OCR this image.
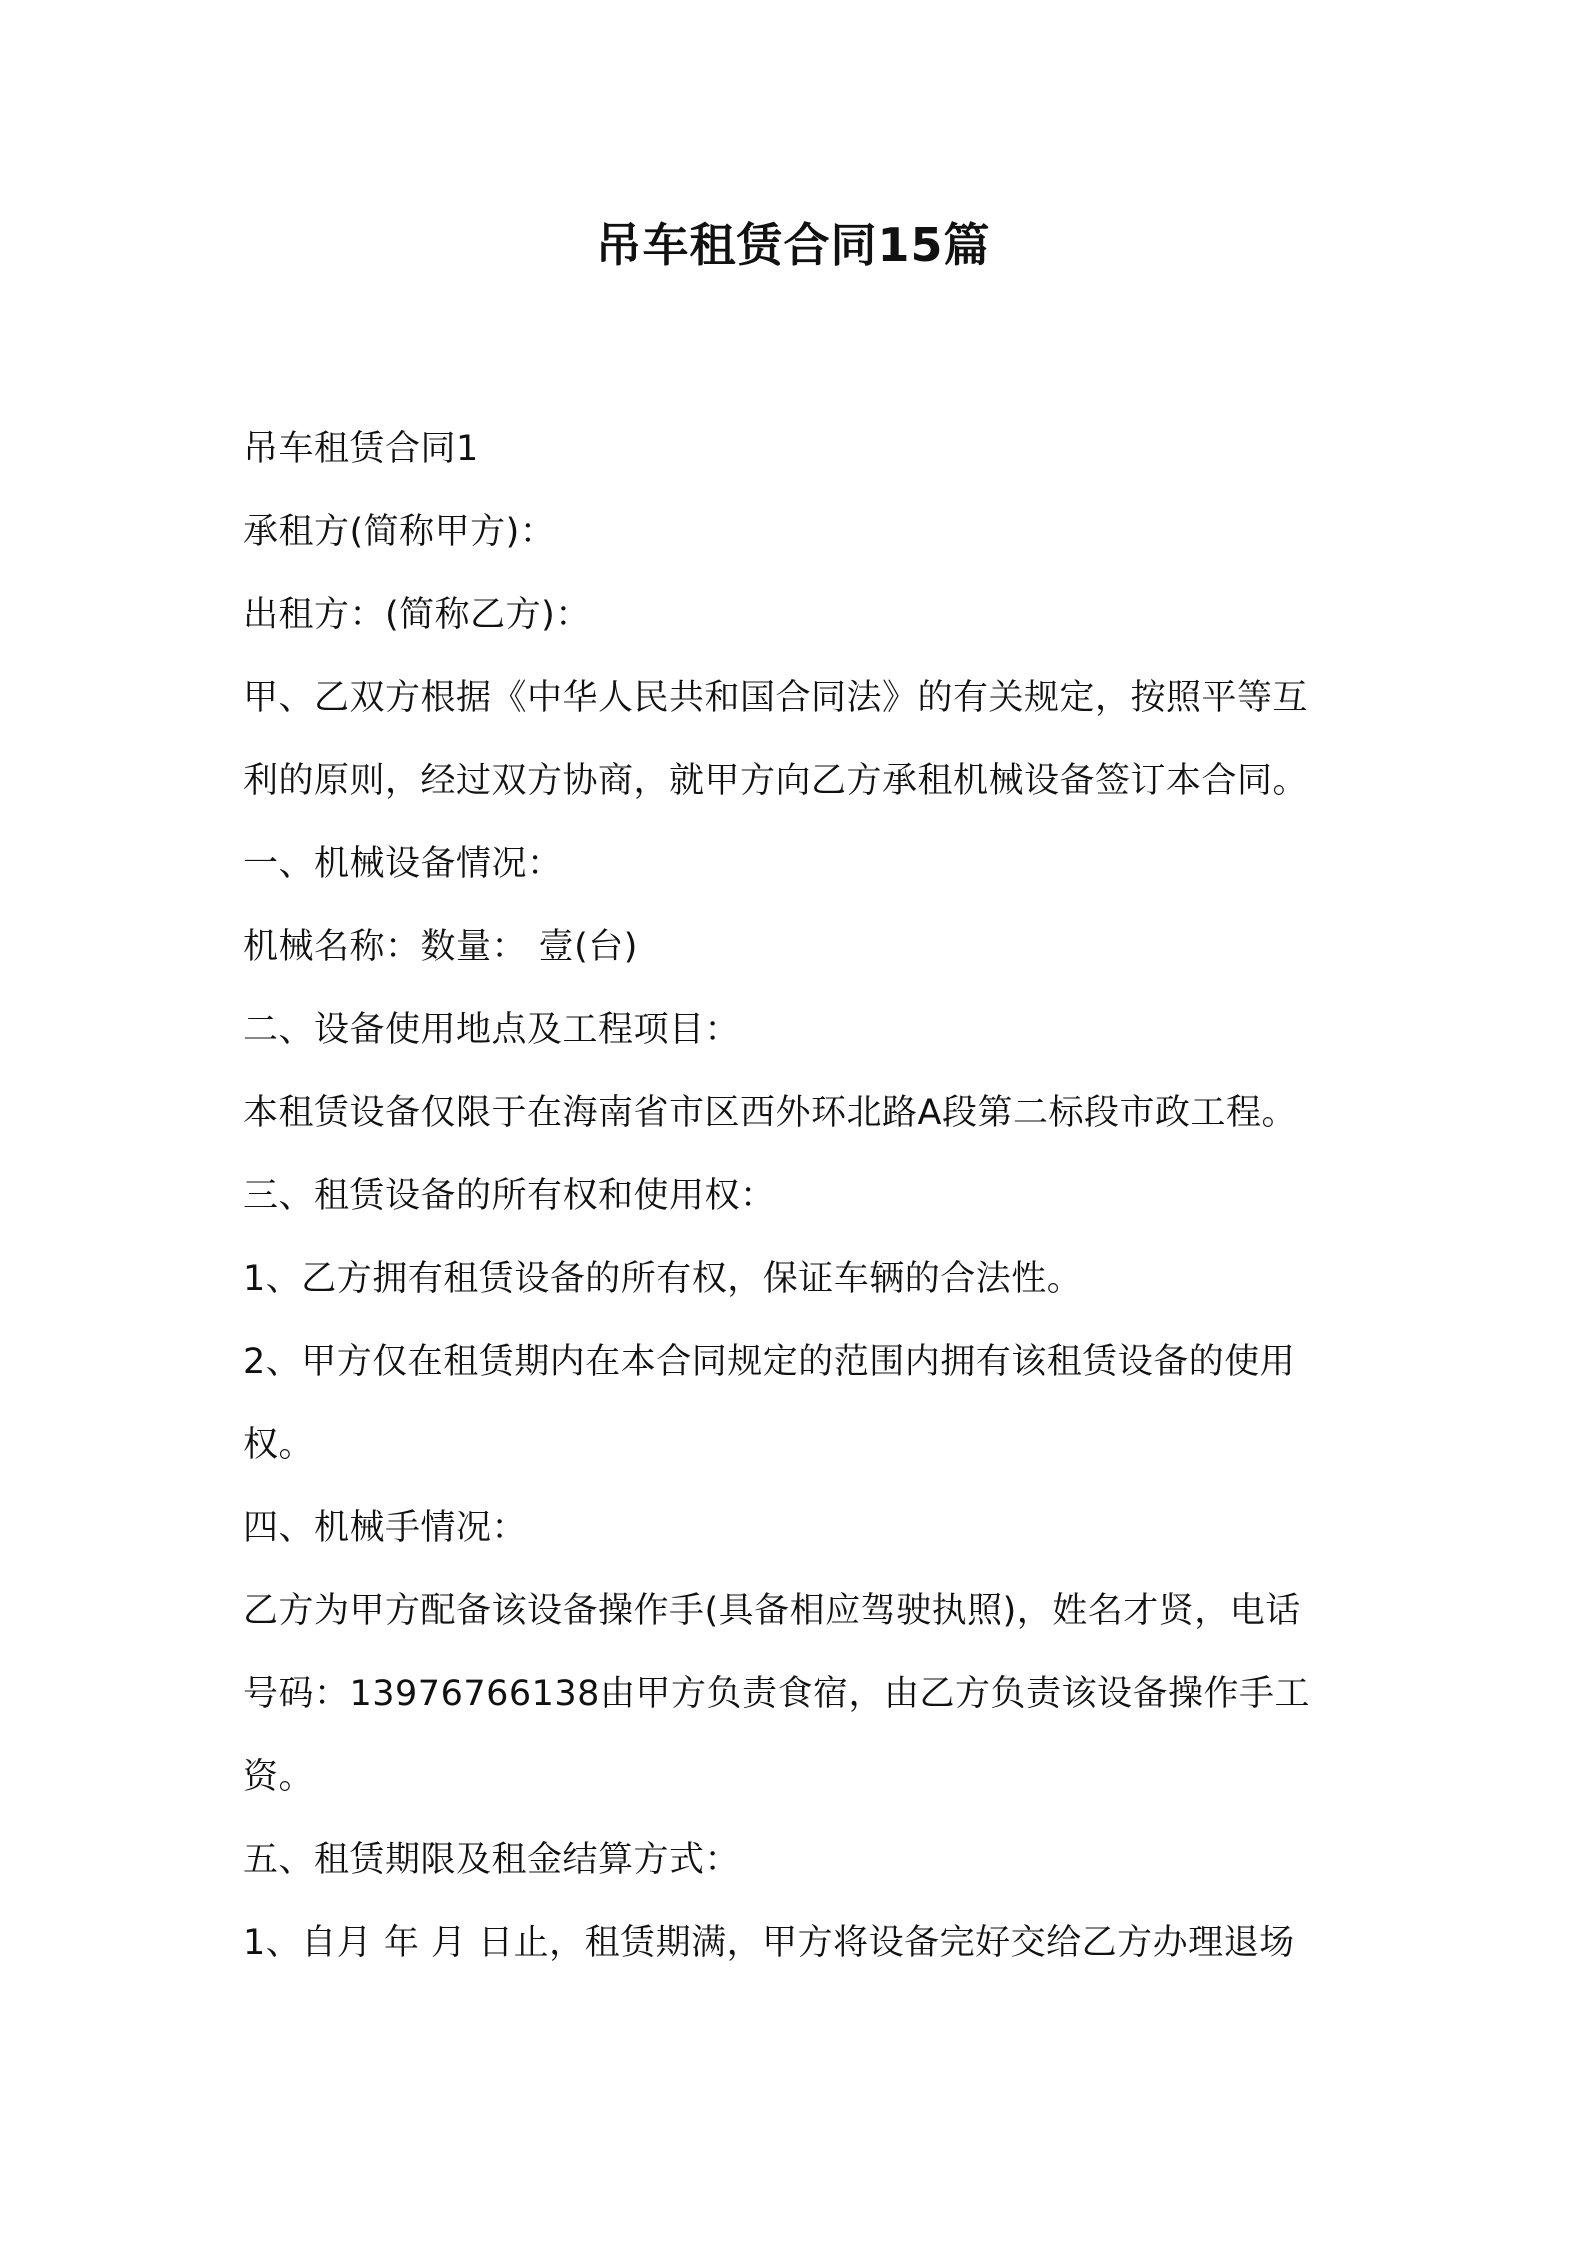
吊车租赁合同15篇

吊车租赁合同1

承租方(简称甲方)：

出租方：(简称乙方)：

甲、乙双方根据《中华人民共和国合同法》的有关规定，按照平等互

利的原则，经过双方协商，就甲方向乙方承租机械设备签订本合同。

一、机械设备情况：

机械名称：数量： 壹(台)

二、设备使用地点及工程项目：

本租赁设备仅限于在海南省市区西外环北路A段第二标段市政工程。

三、租赁设备的所有权和使用权：

1、乙方拥有租赁设备的所有权，保证车辆的合法性。

2、甲方仅在租赁期内在本合同规定的范围内拥有该租赁设备的使用

权。

四、机械手情况：

乙方为甲方配备该设备操作手(具备相应驾驶执照)，姓名才贤，电话

号码：13976766138由甲方负责食宿，由乙方负责该设备操作手工

资。

五、租赁期限及租金结算方式：

1、自月 年 月 日止，租赁期满，甲方将设备完好交给乙方办理退场
